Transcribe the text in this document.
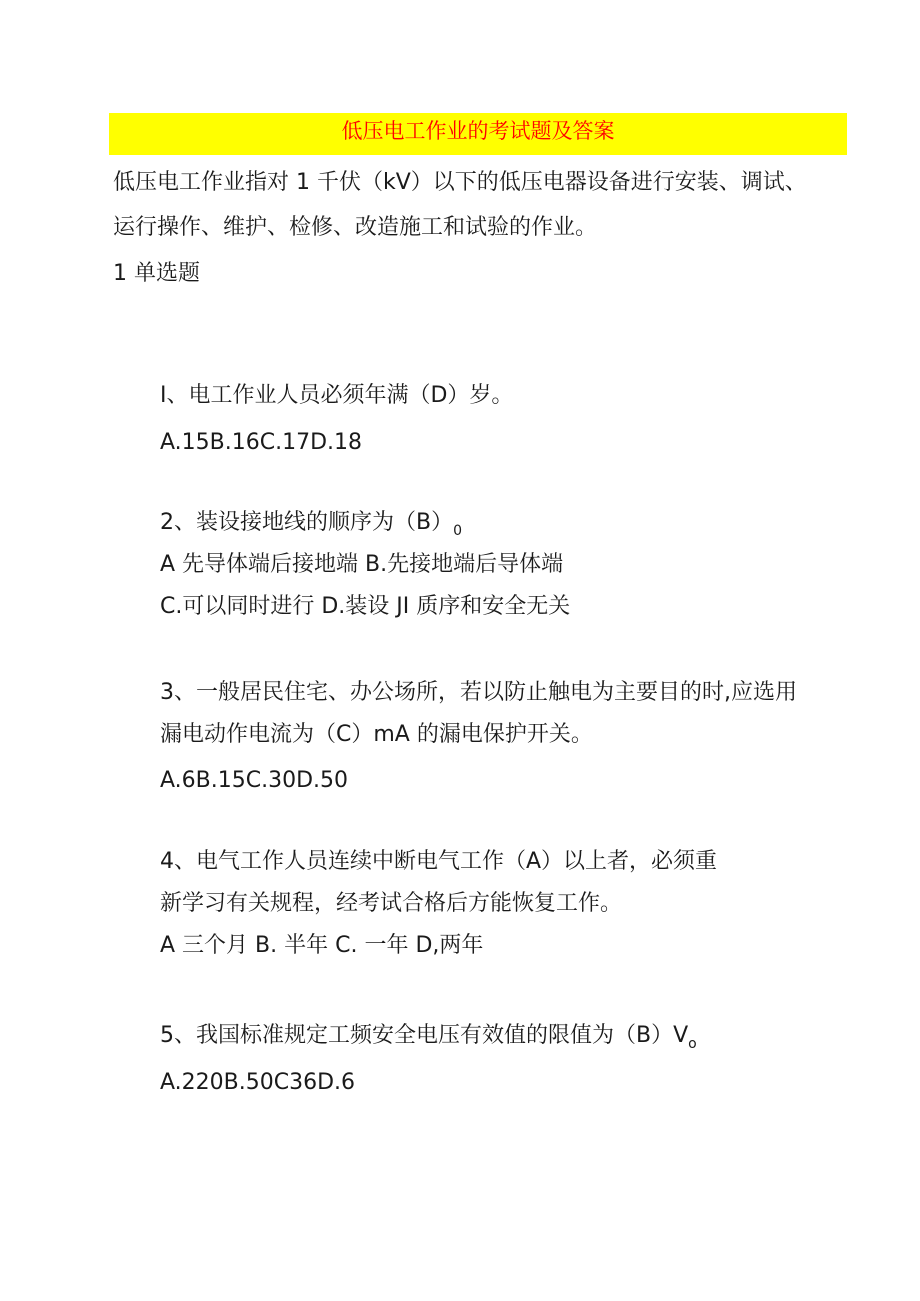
低压电工作业的考试题及答案
低压电工作业指对 1 千伏（kV）以下的低压电器设备进行安装、调试、
运行操作、维护、检修、改造施工和试验的作业。
1 单选题
I、电工作业人员必须年满（D）岁。
A.15B.16C.17D.18
2、装设接地线的顺序为$(B)_0$
A 先导体端后接地端 B.先接地端后导体端
C.可以同时进行 D.装设 JI 质序和安全无关
3、一般居民住宅、办公场所，若以防止触电为主要目的时,应选用
漏电动作电流为（C）mA 的漏电保护开关。
A.6B.15C.30D.50
4、电气工作人员连续中断电气工作（A）以上者，必须重
新学习有关规程，经考试合格后方能恢复工作。
A 三个月 B. 半年 C. 一年 D,两年
5、我国标准规定工频安全电压有效值的限值为$(B)V_o$
A.220B.50C36D.6
